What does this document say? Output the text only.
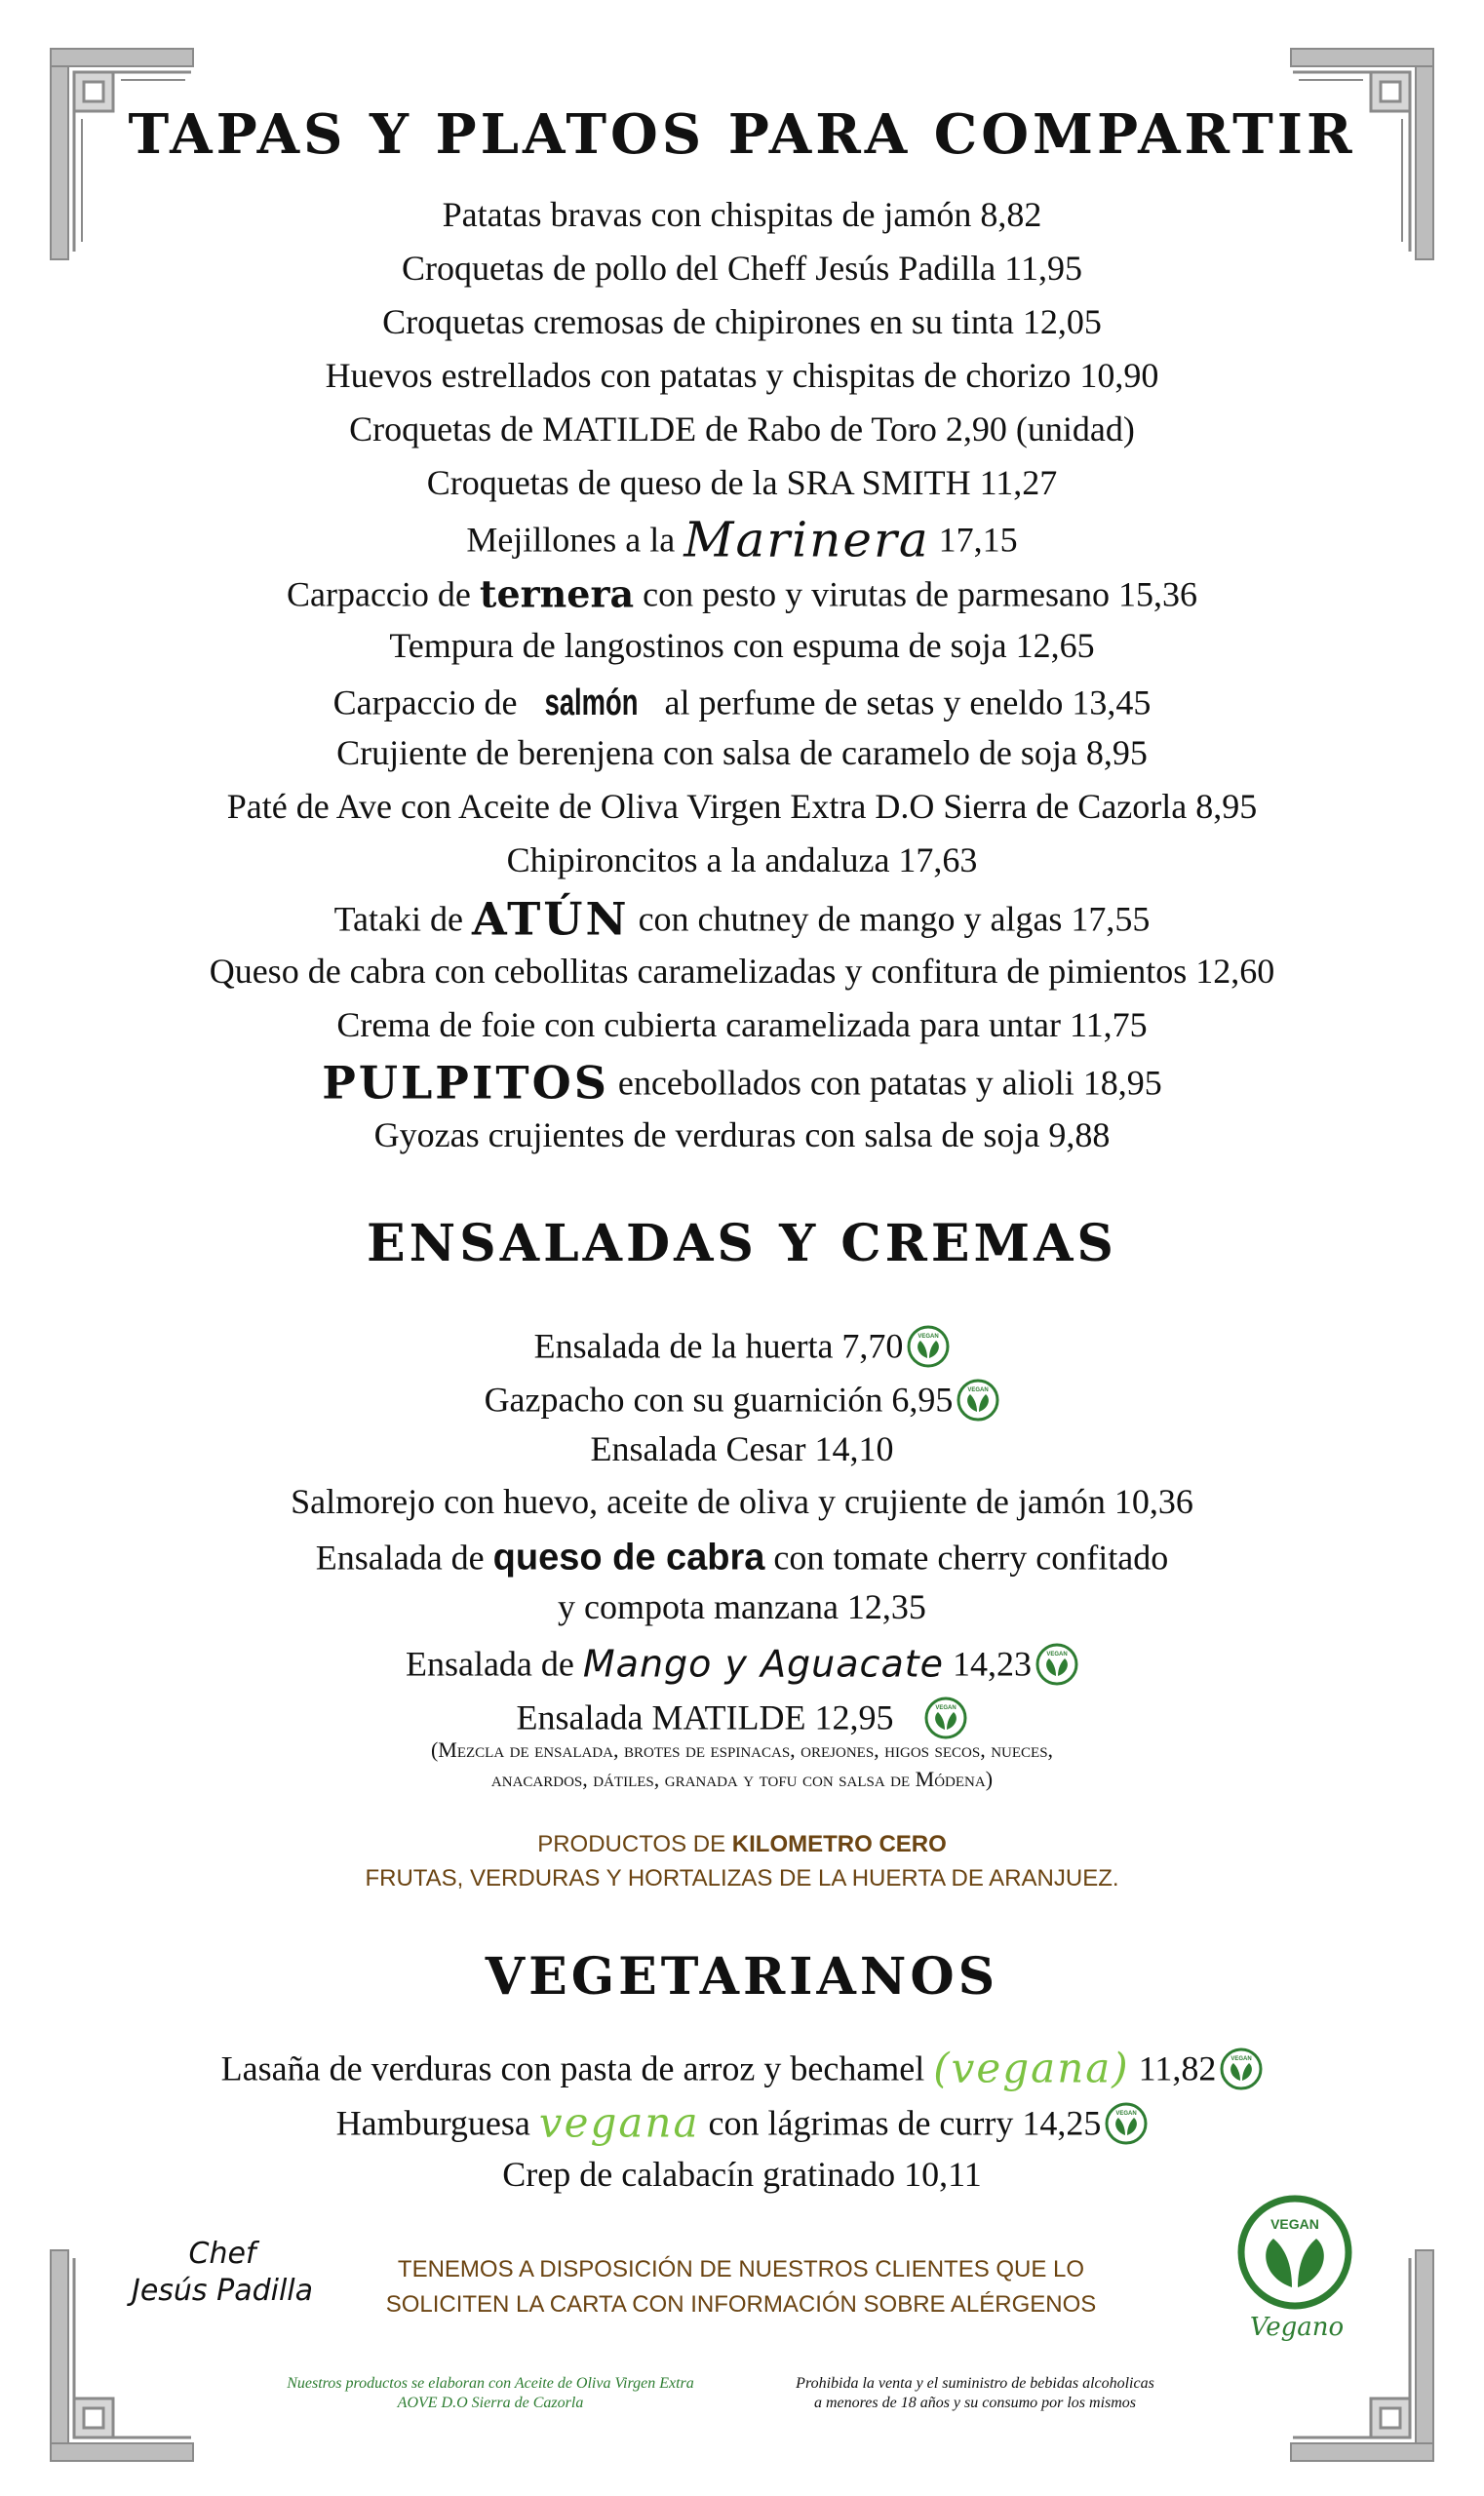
TAPAS Y PLATOS PARA COMPARTIR
Patatas bravas con chispitas de jamón 8,82
Croquetas de pollo del Cheff Jesús Padilla 11,95
Croquetas cremosas de chipirones en su tinta 12,05
Huevos estrellados con patatas y chispitas de chorizo 10,90
Croquetas de MATILDE de Rabo de Toro 2,90 (unidad)
Croquetas de queso de la SRA SMITH 11,27
Mejillones a la Marinera 17,15
Carpaccio de ternera con pesto y virutas de parmesano 15,36
Tempura de langostinos con espuma de soja 12,65
Carpaccio de salmón al perfume de setas y eneldo 13,45
Crujiente de berenjena con salsa de caramelo de soja 8,95
Paté de Ave con Aceite de Oliva Virgen Extra D.O Sierra de Cazorla 8,95
Chipironcitos a la andaluza 17,63
Tataki de ATÚN con chutney de mango y algas 17,55
Queso de cabra con cebollitas caramelizadas y confitura de pimientos 12,60
Crema de foie con cubierta caramelizada para untar 11,75
PULPITOS encebollados con patatas y alioli 18,95
Gyozas crujientes de verduras con salsa de soja 9,88
ENSALADAS Y CREMAS
Ensalada de la huerta 7,70	VEGAN
Gazpacho con su guarnición 6,95	VEGAN
Ensalada Cesar 14,10
Salmorejo con huevo, aceite de oliva y crujiente de jamón 10,36
Ensalada de queso de cabra con tomate cherry confitado
y compota manzana 12,35
Ensalada de Mango y Aguacate 14,23	VEGAN
Ensalada MATILDE 12,95	VEGAN
(Mezcla de ensalada, brotes de espinacas, orejones, higos secos, nueces,
anacardos, dátiles, granada y tofu con salsa de Módena)
PRODUCTOS DE KILOMETRO CERO
FRUTAS, VERDURAS Y HORTALIZAS DE LA HUERTA DE ARANJUEZ.
VEGETARIANOS
Lasaña de verduras con pasta de arroz y bechamel (vegana) 11,82	VEGAN
Hamburguesa vegana con lágrimas de curry 14,25	VEGAN
Crep de calabacín gratinado 10,11
Chef
Jesús Padilla
TENEMOS A DISPOSICIÓN DE NUESTROS CLIENTES QUE LO
SOLICITEN LA CARTA CON INFORMACIÓN SOBRE ALÉRGENOS
VEGAN
Vegano
Nuestros productos se elaboran con Aceite de Oliva Virgen Extra
AOVE D.O Sierra de Cazorla
Prohibida la venta y el suministro de bebidas alcoholicas
a menores de 18 años y su consumo por los mismos
